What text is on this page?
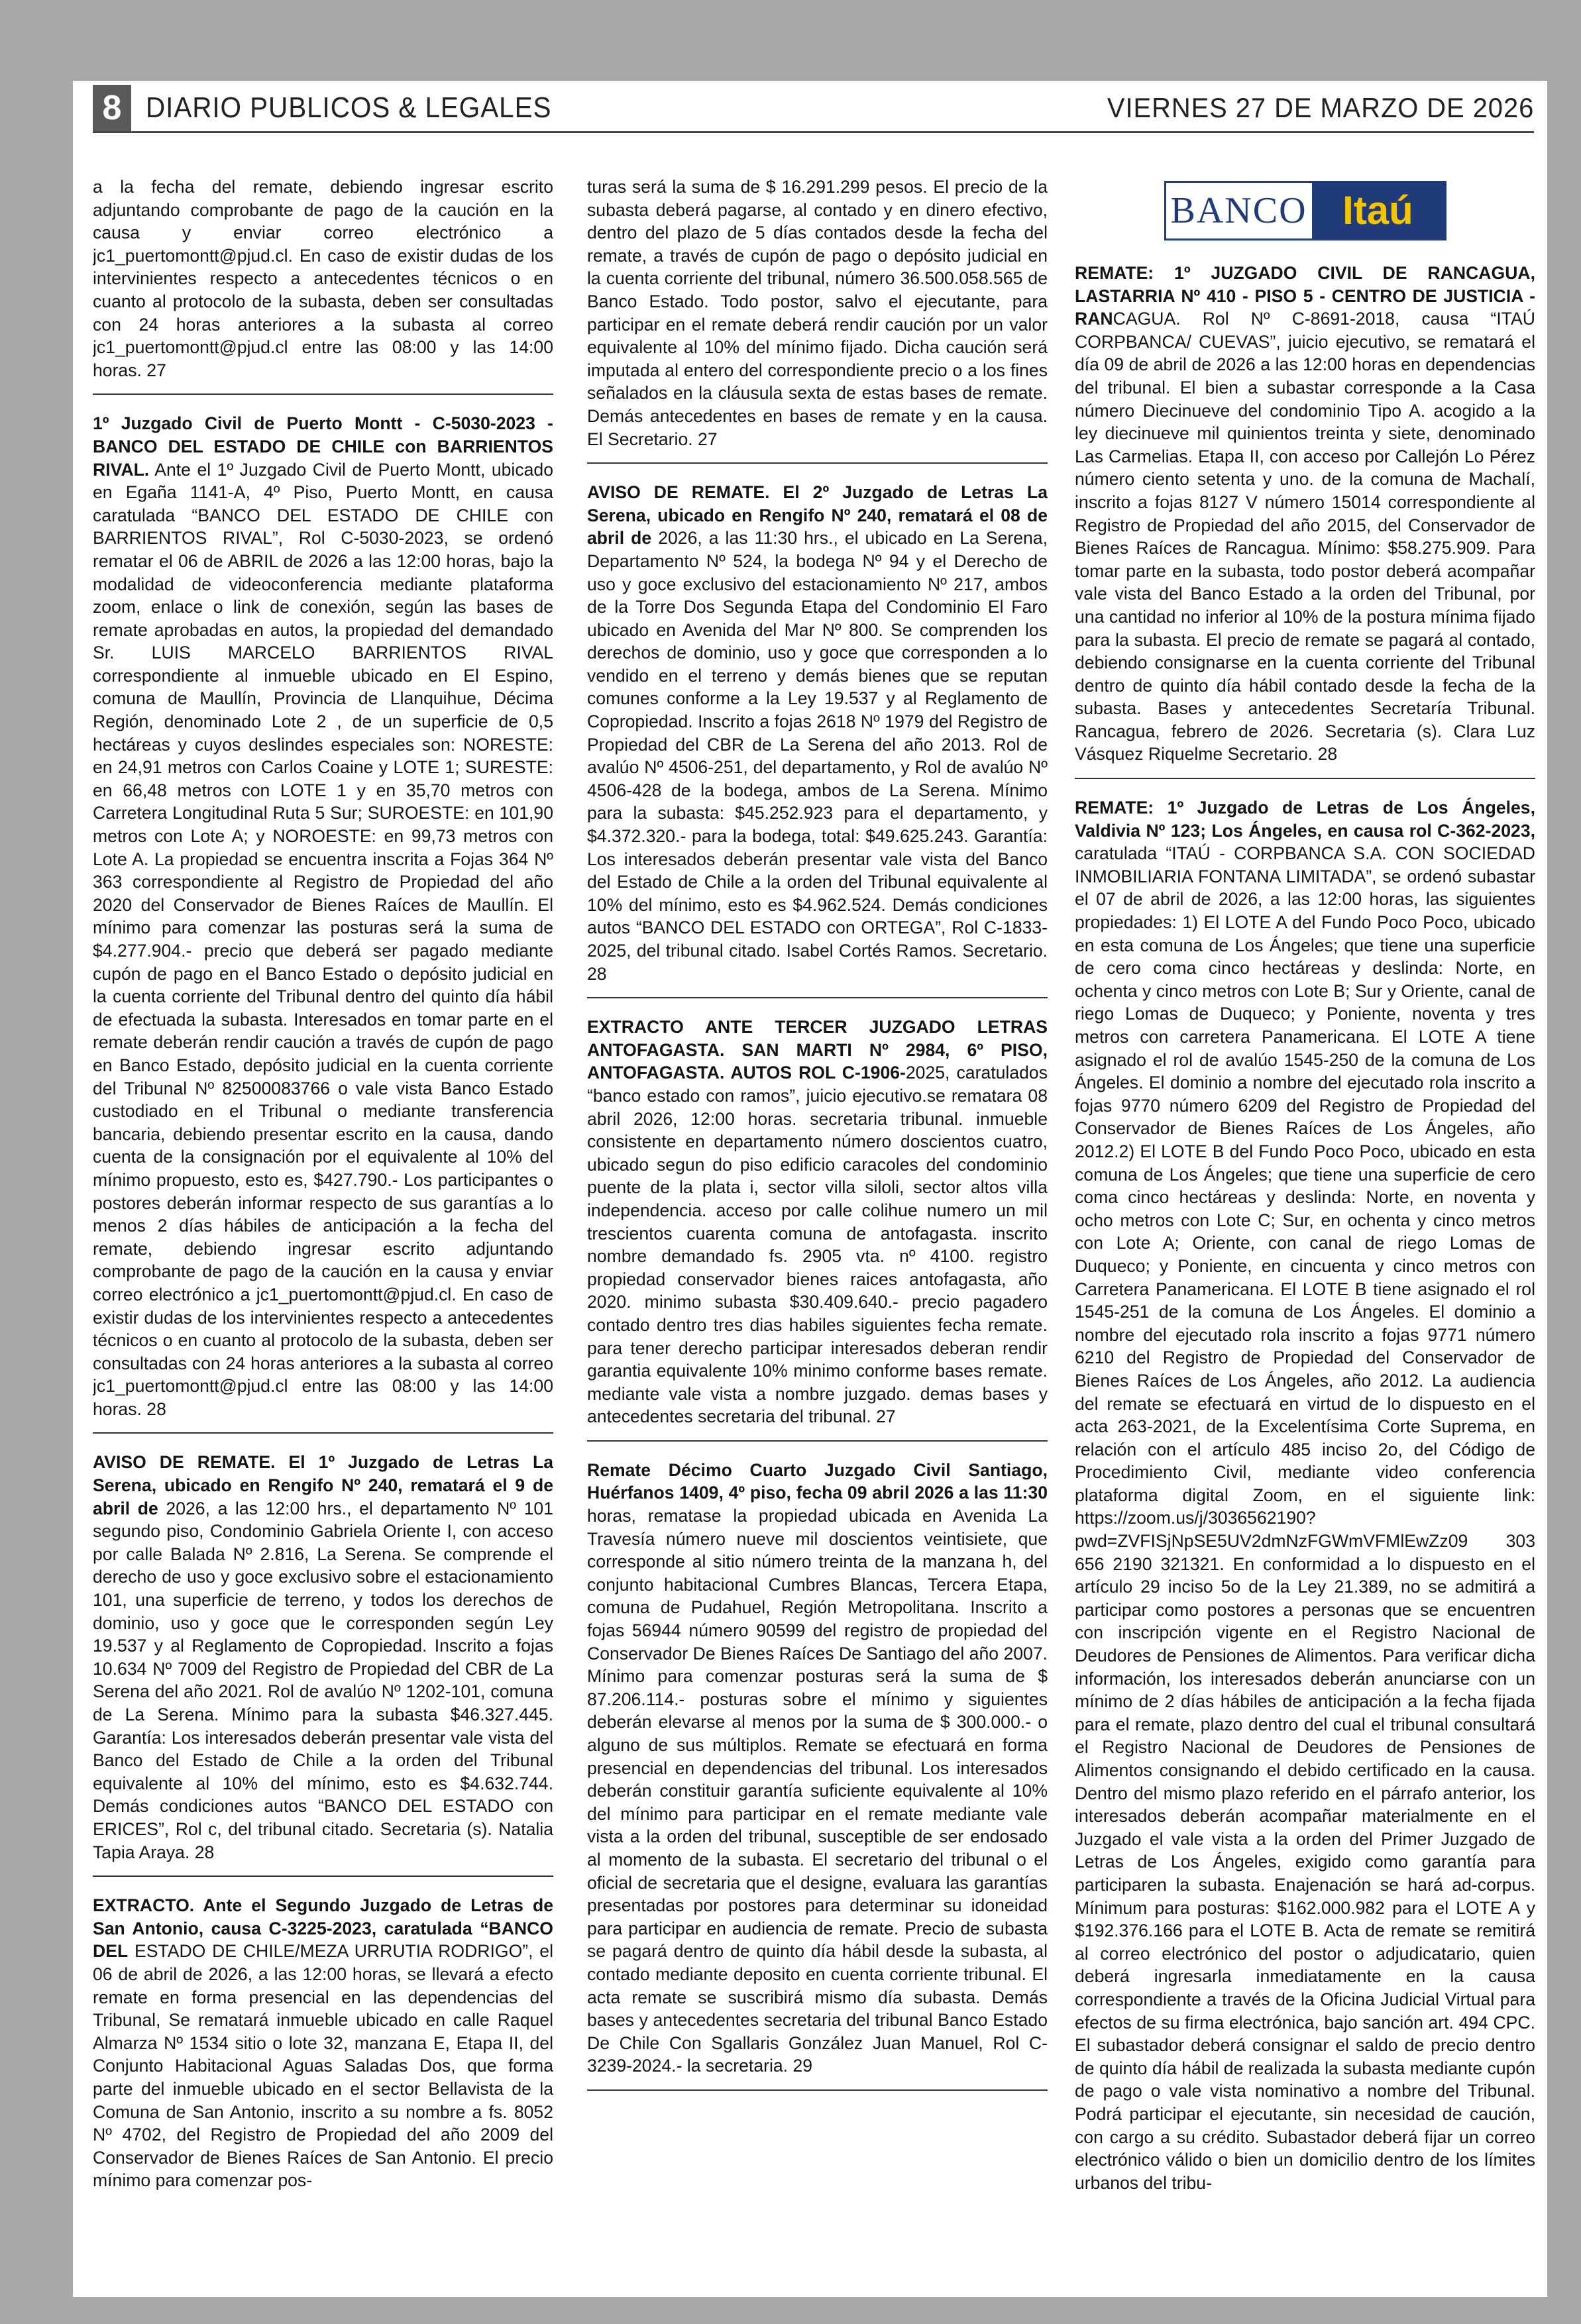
8 DIARIO PUBLICOS & LEGALES	VIERNES 27 DE MARZO DE 2026

a la fecha del remate, debiendo ingresar escrito adjuntando comprobante de pago de la caución en la causa y enviar correo electrónico a jc1_puertomontt@pjud.cl. En caso de existir dudas de los intervinientes respecto a antecedentes técnicos o en cuanto al protocolo de la subasta, deben ser consultadas con 24 horas anteriores a la subasta al correo jc1_puertomontt@pjud.cl entre las 08:00 y las 14:00 horas. 27

1º Juzgado Civil de Puerto Montt - C-5030-2023 - BANCO DEL ESTADO DE CHILE con BARRIENTOS RIVAL. Ante el 1º Juzgado Civil de Puerto Montt, ubicado en Egaña 1141-A, 4º Piso, Puerto Montt, en causa caratulada “BANCO DEL ESTADO DE CHILE con BARRIENTOS RIVAL”, Rol C-5030-2023, se ordenó rematar el 06 de ABRIL de 2026 a las 12:00 horas, bajo la modalidad de videoconferencia mediante plataforma zoom, enlace o link de conexión, según las bases de remate aprobadas en autos, la propiedad del demandado Sr. LUIS MARCELO BARRIENTOS RIVAL correspondiente al inmueble ubicado en El Espino, comuna de Maullín, Provincia de Llanquihue, Décima Región, denominado Lote 2 , de un superficie de 0,5 hectáreas y cuyos deslindes especiales son: NORESTE: en 24,91 metros con Carlos Coaine y LOTE 1; SURESTE: en 66,48 metros con LOTE 1 y en 35,70 metros con Carretera Longitudinal Ruta 5 Sur; SUROESTE: en 101,90 metros con Lote A; y NOROESTE: en 99,73 metros con Lote A. La propiedad se encuentra inscrita a Fojas 364 Nº 363 correspondiente al Registro de Propiedad del año 2020 del Conservador de Bienes Raíces de Maullín. El mínimo para comenzar las posturas será la suma de $4.277.904.- precio que deberá ser pagado mediante cupón de pago en el Banco Estado o depósito judicial en la cuenta corriente del Tribunal dentro del quinto día hábil de efectuada la subasta. Interesados en tomar parte en el remate deberán rendir caución a través de cupón de pago en Banco Estado, depósito judicial en la cuenta corriente del Tribunal Nº 82500083766 o vale vista Banco Estado custodiado en el Tribunal o mediante transferencia bancaria, debiendo presentar escrito en la causa, dando cuenta de la consignación por el equivalente al 10% del mínimo propuesto, esto es, $427.790.- Los participantes o postores deberán informar respecto de sus garantías a lo menos 2 días hábiles de anticipación a la fecha del remate, debiendo ingresar escrito adjuntando comprobante de pago de la caución en la causa y enviar correo electrónico a jc1_puertomontt@pjud.cl. En caso de existir dudas de los intervinientes respecto a antecedentes técnicos o en cuanto al protocolo de la subasta, deben ser consultadas con 24 horas anteriores a la subasta al correo jc1_puertomontt@pjud.cl entre las 08:00 y las 14:00 horas. 28

AVISO DE REMATE. El 1º Juzgado de Letras La Serena, ubicado en Rengifo Nº 240, rematará el 9 de abril de 2026, a las 12:00 hrs., el departamento Nº 101 segundo piso, Condominio Gabriela Oriente I, con acceso por calle Balada Nº 2.816, La Serena. Se comprende el derecho de uso y goce exclusivo sobre el estacionamiento 101, una superficie de terreno, y todos los derechos de dominio, uso y goce que le corresponden según Ley 19.537 y al Reglamento de Copropiedad. Inscrito a fojas 10.634 Nº 7009 del Registro de Propiedad del CBR de La Serena del año 2021. Rol de avalúo Nº 1202-101, comuna de La Serena. Mínimo para la subasta $46.327.445. Garantía: Los interesados deberán presentar vale vista del Banco del Estado de Chile a la orden del Tribunal equivalente al 10% del mínimo, esto es $4.632.744. Demás condiciones autos “BANCO DEL ESTADO con ERICES”, Rol c, del tribunal citado. Secretaria (s). Natalia Tapia Araya. 28

EXTRACTO. Ante el Segundo Juzgado de Letras de San Antonio, causa C-3225-2023, caratulada “BANCO DEL ESTADO DE CHILE/MEZA URRUTIA RODRIGO”, el 06 de abril de 2026, a las 12:00 horas, se llevará a efecto remate en forma presencial en las dependencias del Tribunal, Se rematará inmueble ubicado en calle Raquel Almarza Nº 1534 sitio o lote 32, manzana E, Etapa II, del Conjunto Habitacional Aguas Saladas Dos, que forma parte del inmueble ubicado en el sector Bellavista de la Comuna de San Antonio, inscrito a su nombre a fs. 8052 Nº 4702, del Registro de Propiedad del año 2009 del Conservador de Bienes Raíces de San Antonio. El precio mínimo para comenzar pos-

turas será la suma de $ 16.291.299 pesos. El precio de la subasta deberá pagarse, al contado y en dinero efectivo, dentro del plazo de 5 días contados desde la fecha del remate, a través de cupón de pago o depósito judicial en la cuenta corriente del tribunal, número 36.500.058.565 de Banco Estado. Todo postor, salvo el ejecutante, para participar en el remate deberá rendir caución por un valor equivalente al 10% del mínimo fijado. Dicha caución será imputada al entero del correspondiente precio o a los fines señalados en la cláusula sexta de estas bases de remate. Demás antecedentes en bases de remate y en la causa. El Secretario. 27

AVISO DE REMATE. El 2º Juzgado de Letras La Serena, ubicado en Rengifo Nº 240, rematará el 08 de abril de 2026, a las 11:30 hrs., el ubicado en La Serena, Departamento Nº 524, la bodega Nº 94 y el Derecho de uso y goce exclusivo del estacionamiento Nº 217, ambos de la Torre Dos Segunda Etapa del Condominio El Faro ubicado en Avenida del Mar Nº 800. Se comprenden los derechos de dominio, uso y goce que corresponden a lo vendido en el terreno y demás bienes que se reputan comunes conforme a la Ley 19.537 y al Reglamento de Copropiedad. Inscrito a fojas 2618 Nº 1979 del Registro de Propiedad del CBR de La Serena del año 2013. Rol de avalúo Nº 4506-251, del departamento, y Rol de avalúo Nº 4506-428 de la bodega, ambos de La Serena. Mínimo para la subasta: $45.252.923 para el departamento, y $4.372.320.- para la bodega, total: $49.625.243. Garantía: Los interesados deberán presentar vale vista del Banco del Estado de Chile a la orden del Tribunal equivalente al 10% del mínimo, esto es $4.962.524. Demás condiciones autos “BANCO DEL ESTADO con ORTEGA”, Rol C-1833-2025, del tribunal citado. Isabel Cortés Ramos. Secretario. 28

EXTRACTO ANTE TERCER JUZGADO LETRAS ANTOFAGASTA. SAN MARTI Nº 2984, 6º PISO, ANTOFAGASTA. AUTOS ROL C-1906-2025, caratulados “banco estado con ramos”, juicio ejecutivo.se rematara 08 abril 2026, 12:00 horas. secretaria tribunal. inmueble consistente en departamento número doscientos cuatro, ubicado segun do piso edificio caracoles del condominio puente de la plata i, sector villa siloli, sector altos villa independencia. acceso por calle colihue numero un mil trescientos cuarenta comuna de antofagasta. inscrito nombre demandado fs. 2905 vta. nº 4100. registro propiedad conservador bienes raices antofagasta, año 2020. minimo subasta $30.409.640.- precio pagadero contado dentro tres dias habiles siguientes fecha remate. para tener derecho participar interesados deberan rendir garantia equivalente 10% minimo conforme bases remate. mediante vale vista a nombre juzgado. demas bases y antecedentes secretaria del tribunal. 27

Remate Décimo Cuarto Juzgado Civil Santiago, Huérfanos 1409, 4º piso, fecha 09 abril 2026 a las 11:30 horas, rematase la propiedad ubicada en Avenida La Travesía número nueve mil doscientos veintisiete, que corresponde al sitio número treinta de la manzana h, del conjunto habitacional Cumbres Blancas, Tercera Etapa, comuna de Pudahuel, Región Metropolitana. Inscrito a fojas 56944 número 90599 del registro de propiedad del Conservador De Bienes Raíces De Santiago del año 2007. Mínimo para comenzar posturas será la suma de $ 87.206.114.- posturas sobre el mínimo y siguientes deberán elevarse al menos por la suma de $ 300.000.- o alguno de sus múltiplos. Remate se efectuará en forma presencial en dependencias del tribunal. Los interesados deberán constituir garantía suficiente equivalente al 10% del mínimo para participar en el remate mediante vale vista a la orden del tribunal, susceptible de ser endosado al momento de la subasta. El secretario del tribunal o el oficial de secretaria que el designe, evaluara las garantías presentadas por postores para determinar su idoneidad para participar en audiencia de remate. Precio de subasta se pagará dentro de quinto día hábil desde la subasta, al contado mediante deposito en cuenta corriente tribunal. El acta remate se suscribirá mismo día subasta. Demás bases y antecedentes secretaria del tribunal Banco Estado De Chile Con Sgallaris González Juan Manuel, Rol C-3239-2024.- la secretaria. 29

BANCO Itaú

REMATE: 1º JUZGADO CIVIL DE RANCAGUA, LASTARRIA Nº 410 - PISO 5 - CENTRO DE JUSTICIA -RANCAGUA. Rol Nº C-8691-2018, causa “ITAÚ CORPBANCA/ CUEVAS”, juicio ejecutivo, se rematará el día 09 de abril de 2026 a las 12:00 horas en dependencias del tribunal. El bien a subastar corresponde a la Casa número Diecinueve del condominio Tipo A. acogido a la ley diecinueve mil quinientos treinta y siete, denominado Las Carmelias. Etapa II, con acceso por Callejón Lo Pérez número ciento setenta y uno. de la comuna de Machalí, inscrito a fojas 8127 V número 15014 correspondiente al Registro de Propiedad del año 2015, del Conservador de Bienes Raíces de Rancagua. Mínimo: $58.275.909. Para tomar parte en la subasta, todo postor deberá acompañar vale vista del Banco Estado a la orden del Tribunal, por una cantidad no inferior al 10% de la postura mínima fijado para la subasta. El precio de remate se pagará al contado, debiendo consignarse en la cuenta corriente del Tribunal dentro de quinto día hábil contado desde la fecha de la subasta. Bases y antecedentes Secretaría Tribunal. Rancagua, febrero de 2026. Secretaria (s). Clara Luz Vásquez Riquelme Secretario. 28

REMATE: 1º Juzgado de Letras de Los Ángeles, Valdivia Nº 123; Los Ángeles, en causa rol C-362-2023, caratulada “ITAÚ - CORPBANCA S.A. CON SOCIEDAD INMOBILIARIA FONTANA LIMITADA”, se ordenó subastar el 07 de abril de 2026, a las 12:00 horas, las siguientes propiedades: 1) El LOTE A del Fundo Poco Poco, ubicado en esta comuna de Los Ángeles; que tiene una superficie de cero coma cinco hectáreas y deslinda: Norte, en ochenta y cinco metros con Lote B; Sur y Oriente, canal de riego Lomas de Duqueco; y Poniente, noventa y tres metros con carretera Panamericana. El LOTE A tiene asignado el rol de avalúo 1545-250 de la comuna de Los Ángeles. El dominio a nombre del ejecutado rola inscrito a fojas 9770 número 6209 del Registro de Propiedad del Conservador de Bienes Raíces de Los Ángeles, año 2012.2) El LOTE B del Fundo Poco Poco, ubicado en esta comuna de Los Ángeles; que tiene una superficie de cero coma cinco hectáreas y deslinda: Norte, en noventa y ocho metros con Lote C; Sur, en ochenta y cinco metros con Lote A; Oriente, con canal de riego Lomas de Duqueco; y Poniente, en cincuenta y cinco metros con Carretera Panamericana. El LOTE B tiene asignado el rol 1545-251 de la comuna de Los Ángeles. El dominio a nombre del ejecutado rola inscrito a fojas 9771 número 6210 del Registro de Propiedad del Conservador de Bienes Raíces de Los Ángeles, año 2012. La audiencia del remate se efectuará en virtud de lo dispuesto en el acta 263-2021, de la Excelentísima Corte Suprema, en relación con el artículo 485 inciso 2o, del Código de Procedimiento Civil, mediante video conferencia plataforma digital Zoom, en el siguiente link: https://zoom.us/j/3036562190?pwd=ZVFISjNpSE5UV2dmNzFGWmVFMlEwZz09 303 656 2190 321321. En conformidad a lo dispuesto en el artículo 29 inciso 5o de la Ley 21.389, no se admitirá a participar como postores a personas que se encuentren con inscripción vigente en el Registro Nacional de Deudores de Pensiones de Alimentos. Para verificar dicha información, los interesados deberán anunciarse con un mínimo de 2 días hábiles de anticipación a la fecha fijada para el remate, plazo dentro del cual el tribunal consultará el Registro Nacional de Deudores de Pensiones de Alimentos consignando el debido certificado en la causa. Dentro del mismo plazo referido en el párrafo anterior, los interesados deberán acompañar materialmente en el Juzgado el vale vista a la orden del Primer Juzgado de Letras de Los Ángeles, exigido como garantía para participaren la subasta. Enajenación se hará ad-corpus. Mínimum para posturas: $162.000.982 para el LOTE A y $192.376.166 para el LOTE B. Acta de remate se remitirá al correo electrónico del postor o adjudicatario, quien deberá ingresarla inmediatamente en la causa correspondiente a través de la Oficina Judicial Virtual para efectos de su firma electrónica, bajo sanción art. 494 CPC. El subastador deberá consignar el saldo de precio dentro de quinto día hábil de realizada la subasta mediante cupón de pago o vale vista nominativo a nombre del Tribunal. Podrá participar el ejecutante, sin necesidad de caución, con cargo a su crédito. Subastador deberá fijar un correo electrónico válido o bien un domicilio dentro de los límites urbanos del tribu-
